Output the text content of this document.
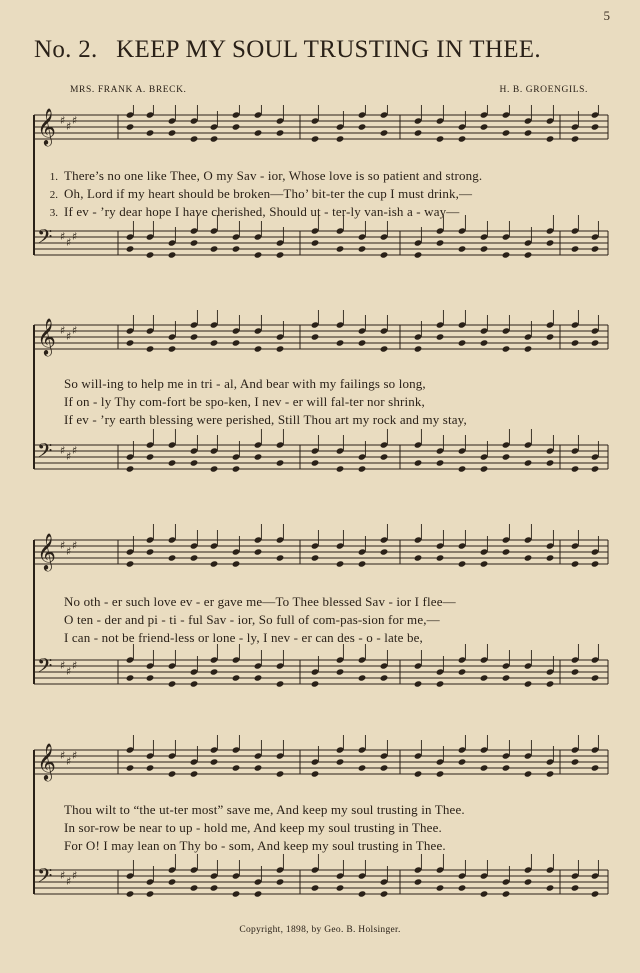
5
No. 2. KEEP MY SOUL TRUSTING IN THEE.
MRS. FRANK A. BRECK.	H. B. GROENGILS.
𝄞 ♯ ♯ ♯
𝄢 ♯ ♯ ♯
1. There’s no one like Thee, O my Sav - ior, Whose love is so patient and strong.
2. Oh, Lord if my heart should be broken—Tho’ bit-ter the cup I must drink,—
3. If ev - ’ry dear hope I have cherished, Should ut - ter-ly van-ish a - way—
𝄞 ♯ ♯ ♯
𝄢 ♯ ♯ ♯
So will-ing to help me in tri - al, And bear with my failings so long,
If on - ly Thy com-fort be spo-ken, I nev - er will fal-ter nor shrink,
If ev - ’ry earth blessing were perished, Still Thou art my rock and my stay,
𝄞 ♯ ♯ ♯
𝄢 ♯ ♯ ♯
No oth - er such love ev - er gave me—To Thee blessed Sav - ior I flee—
O ten - der and pi - ti - ful Sav - ior, So full of com-pas-sion for me,—
I can - not be friend-less or lone - ly, I nev - er can des - o - late be,
𝄞 ♯ ♯ ♯
𝄢 ♯ ♯ ♯
Thou wilt to “the ut-ter most” save me, And keep my soul trusting in Thee.
In sor-row be near to up - hold me, And keep my soul trusting in Thee.
For O! I may lean on Thy bo - som, And keep my soul trusting in Thee.
Copyright, 1898, by Geo. B. Holsinger.
